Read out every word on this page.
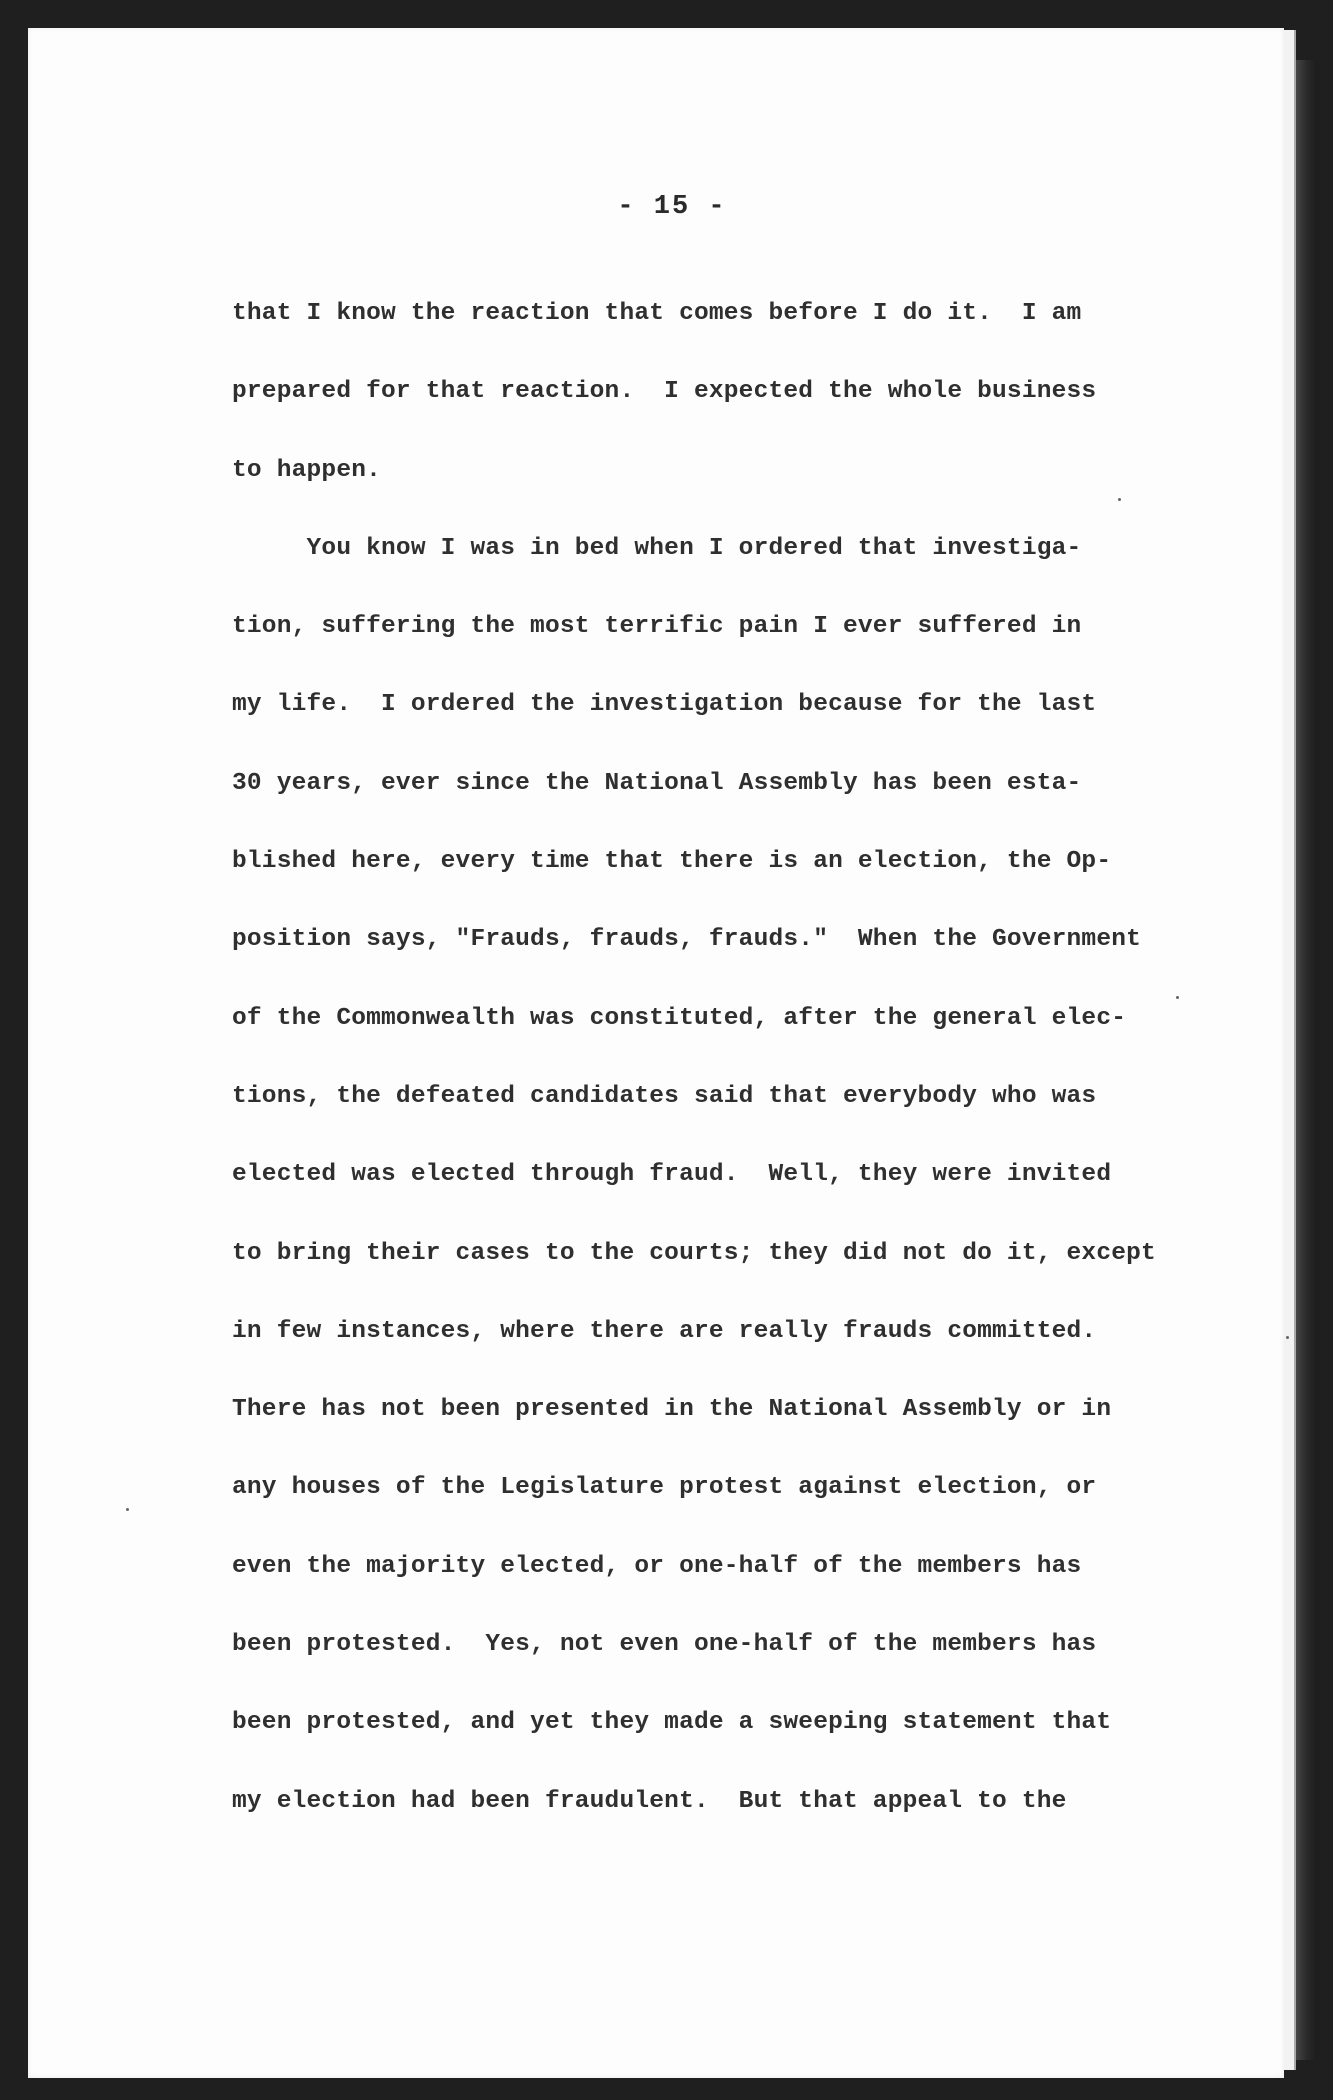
- 15 -
that I know the reaction that comes before I do it.  I am
prepared for that reaction.  I expected the whole business
to happen.
You know I was in bed when I ordered that investiga-
tion, suffering the most terrific pain I ever suffered in
my life.  I ordered the investigation because for the last
30 years, ever since the National Assembly has been esta-
blished here, every time that there is an election, the Op-
position says, "Frauds, frauds, frauds."  When the Government
of the Commonwealth was constituted, after the general elec-
tions, the defeated candidates said that everybody who was
elected was elected through fraud.  Well, they were invited
to bring their cases to the courts; they did not do it, except
in few instances, where there are really frauds committed.
There has not been presented in the National Assembly or in
any houses of the Legislature protest against election, or
even the majority elected, or one-half of the members has
been protested.  Yes, not even one-half of the members has
been protested, and yet they made a sweeping statement that
my election had been fraudulent.  But that appeal to the
